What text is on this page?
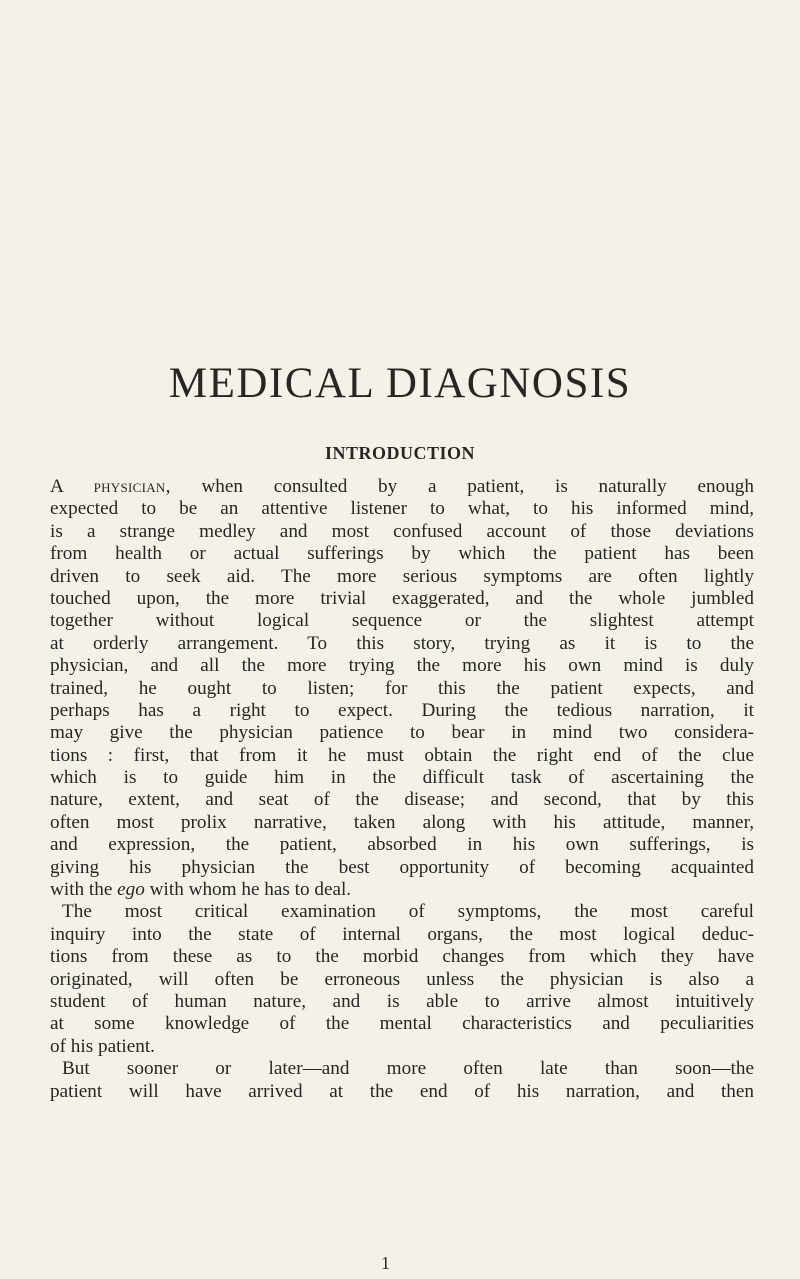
MEDICAL DIAGNOSIS
INTRODUCTION
A physician, when consulted by a patient, is naturally enough
expected to be an attentive listener to what, to his informed mind,
is a strange medley and most confused account of those deviations
from health or actual sufferings by which the patient has been
driven to seek aid. The more serious symptoms are often lightly
touched upon, the more trivial exaggerated, and the whole jumbled
together without logical sequence or the slightest attempt
at orderly arrangement. To this story, trying as it is to the
physician, and all the more trying the more his own mind is duly
trained, he ought to listen; for this the patient expects, and
perhaps has a right to expect. During the tedious narration, it
may give the physician patience to bear in mind two considera-
tions : first, that from it he must obtain the right end of the clue
which is to guide him in the difficult task of ascertaining the
nature, extent, and seat of the disease; and second, that by this
often most prolix narrative, taken along with his attitude, manner,
and expression, the patient, absorbed in his own sufferings, is
giving his physician the best opportunity of becoming acquainted
with the ego with whom he has to deal.
The most critical examination of symptoms, the most careful
inquiry into the state of internal organs, the most logical deduc-
tions from these as to the morbid changes from which they have
originated, will often be erroneous unless the physician is also a
student of human nature, and is able to arrive almost intuitively
at some knowledge of the mental characteristics and peculiarities
of his patient.
But sooner or later—and more often late than soon—the
patient will have arrived at the end of his narration, and then
1
